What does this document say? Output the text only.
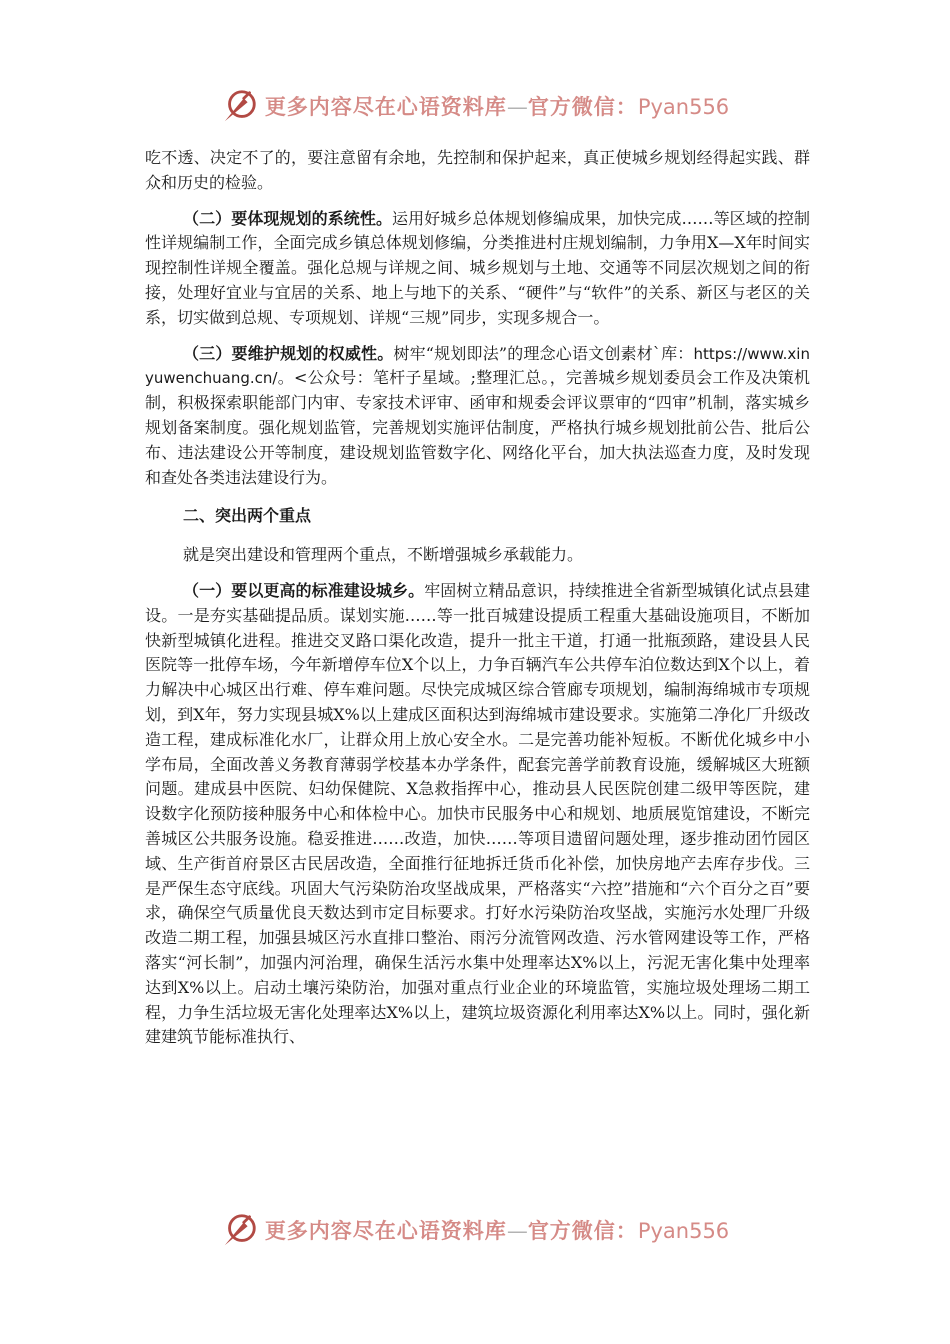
更多内容尽在心语资料库—官方微信：Pyan556

吃不透、决定不了的，要注意留有余地，先控制和保护起来，真正使城乡规划经得起实践、群众和历史的检验。

（二）要体现规划的系统性。运用好城乡总体规划修编成果，加快完成……等区域的控制性详规编制工作，全面完成乡镇总体规划修编，分类推进村庄规划编制，力争用X—X年时间实现控制性详规全覆盖。强化总规与详规之间、城乡规划与土地、交通等不同层次规划之间的衔接，处理好宜业与宜居的关系、地上与地下的关系、“硬件”与“软件”的关系、新区与老区的关系，切实做到总规、专项规划、详规“三规”同步，实现多规合一。

（三）要维护规划的权威性。树牢“规划即法”的理念心语文创素材`库：https://www.xinyuwenchuang.cn/。<公众号：笔杆子星域。;整理汇总。，完善城乡规划委员会工作及决策机制，积极探索职能部门内审、专家技术评审、函审和规委会评议票审的“四审”机制，落实城乡规划备案制度。强化规划监管，完善规划实施评估制度，严格执行城乡规划批前公告、批后公布、违法建设公开等制度，建设规划监管数字化、网络化平台，加大执法巡查力度，及时发现和查处各类违法建设行为。

二、突出两个重点

就是突出建设和管理两个重点，不断增强城乡承载能力。

（一）要以更高的标准建设城乡。牢固树立精品意识，持续推进全省新型城镇化试点县建设。一是夯实基础提品质。谋划实施……等一批百城建设提质工程重大基础设施项目，不断加快新型城镇化进程。推进交叉路口渠化改造，提升一批主干道，打通一批瓶颈路，建设县人民医院等一批停车场，今年新增停车位X个以上，力争百辆汽车公共停车泊位数达到X个以上，着力解决中心城区出行难、停车难问题。尽快完成城区综合管廊专项规划，编制海绵城市专项规划，到X年，努力实现县城X%以上建成区面积达到海绵城市建设要求。实施第二净化厂升级改造工程，建成标准化水厂，让群众用上放心安全水。二是完善功能补短板。不断优化城乡中小学布局，全面改善义务教育薄弱学校基本办学条件，配套完善学前教育设施，缓解城区大班额问题。建成县中医院、妇幼保健院、X急救指挥中心，推动县人民医院创建二级甲等医院，建设数字化预防接种服务中心和体检中心。加快市民服务中心和规划、地质展览馆建设，不断完善城区公共服务设施。稳妥推进……改造，加快……等项目遗留问题处理，逐步推动团竹园区域、生产街首府景区古民居改造，全面推行征地拆迁货币化补偿，加快房地产去库存步伐。三是严保生态守底线。巩固大气污染防治攻坚战成果，严格落实“六控”措施和“六个百分之百”要求，确保空气质量优良天数达到市定目标要求。打好水污染防治攻坚战，实施污水处理厂升级改造二期工程，加强县城区污水直排口整治、雨污分流管网改造、污水管网建设等工作，严格落实“河长制”，加强内河治理，确保生活污水集中处理率达X%以上，污泥无害化集中处理率达到X%以上。启动土壤污染防治，加强对重点行业企业的环境监管，实施垃圾处理场二期工程，力争生活垃圾无害化处理率达X%以上，建筑垃圾资源化利用率达X%以上。同时，强化新建建筑节能标准执行、

更多内容尽在心语资料库—官方微信：Pyan556
